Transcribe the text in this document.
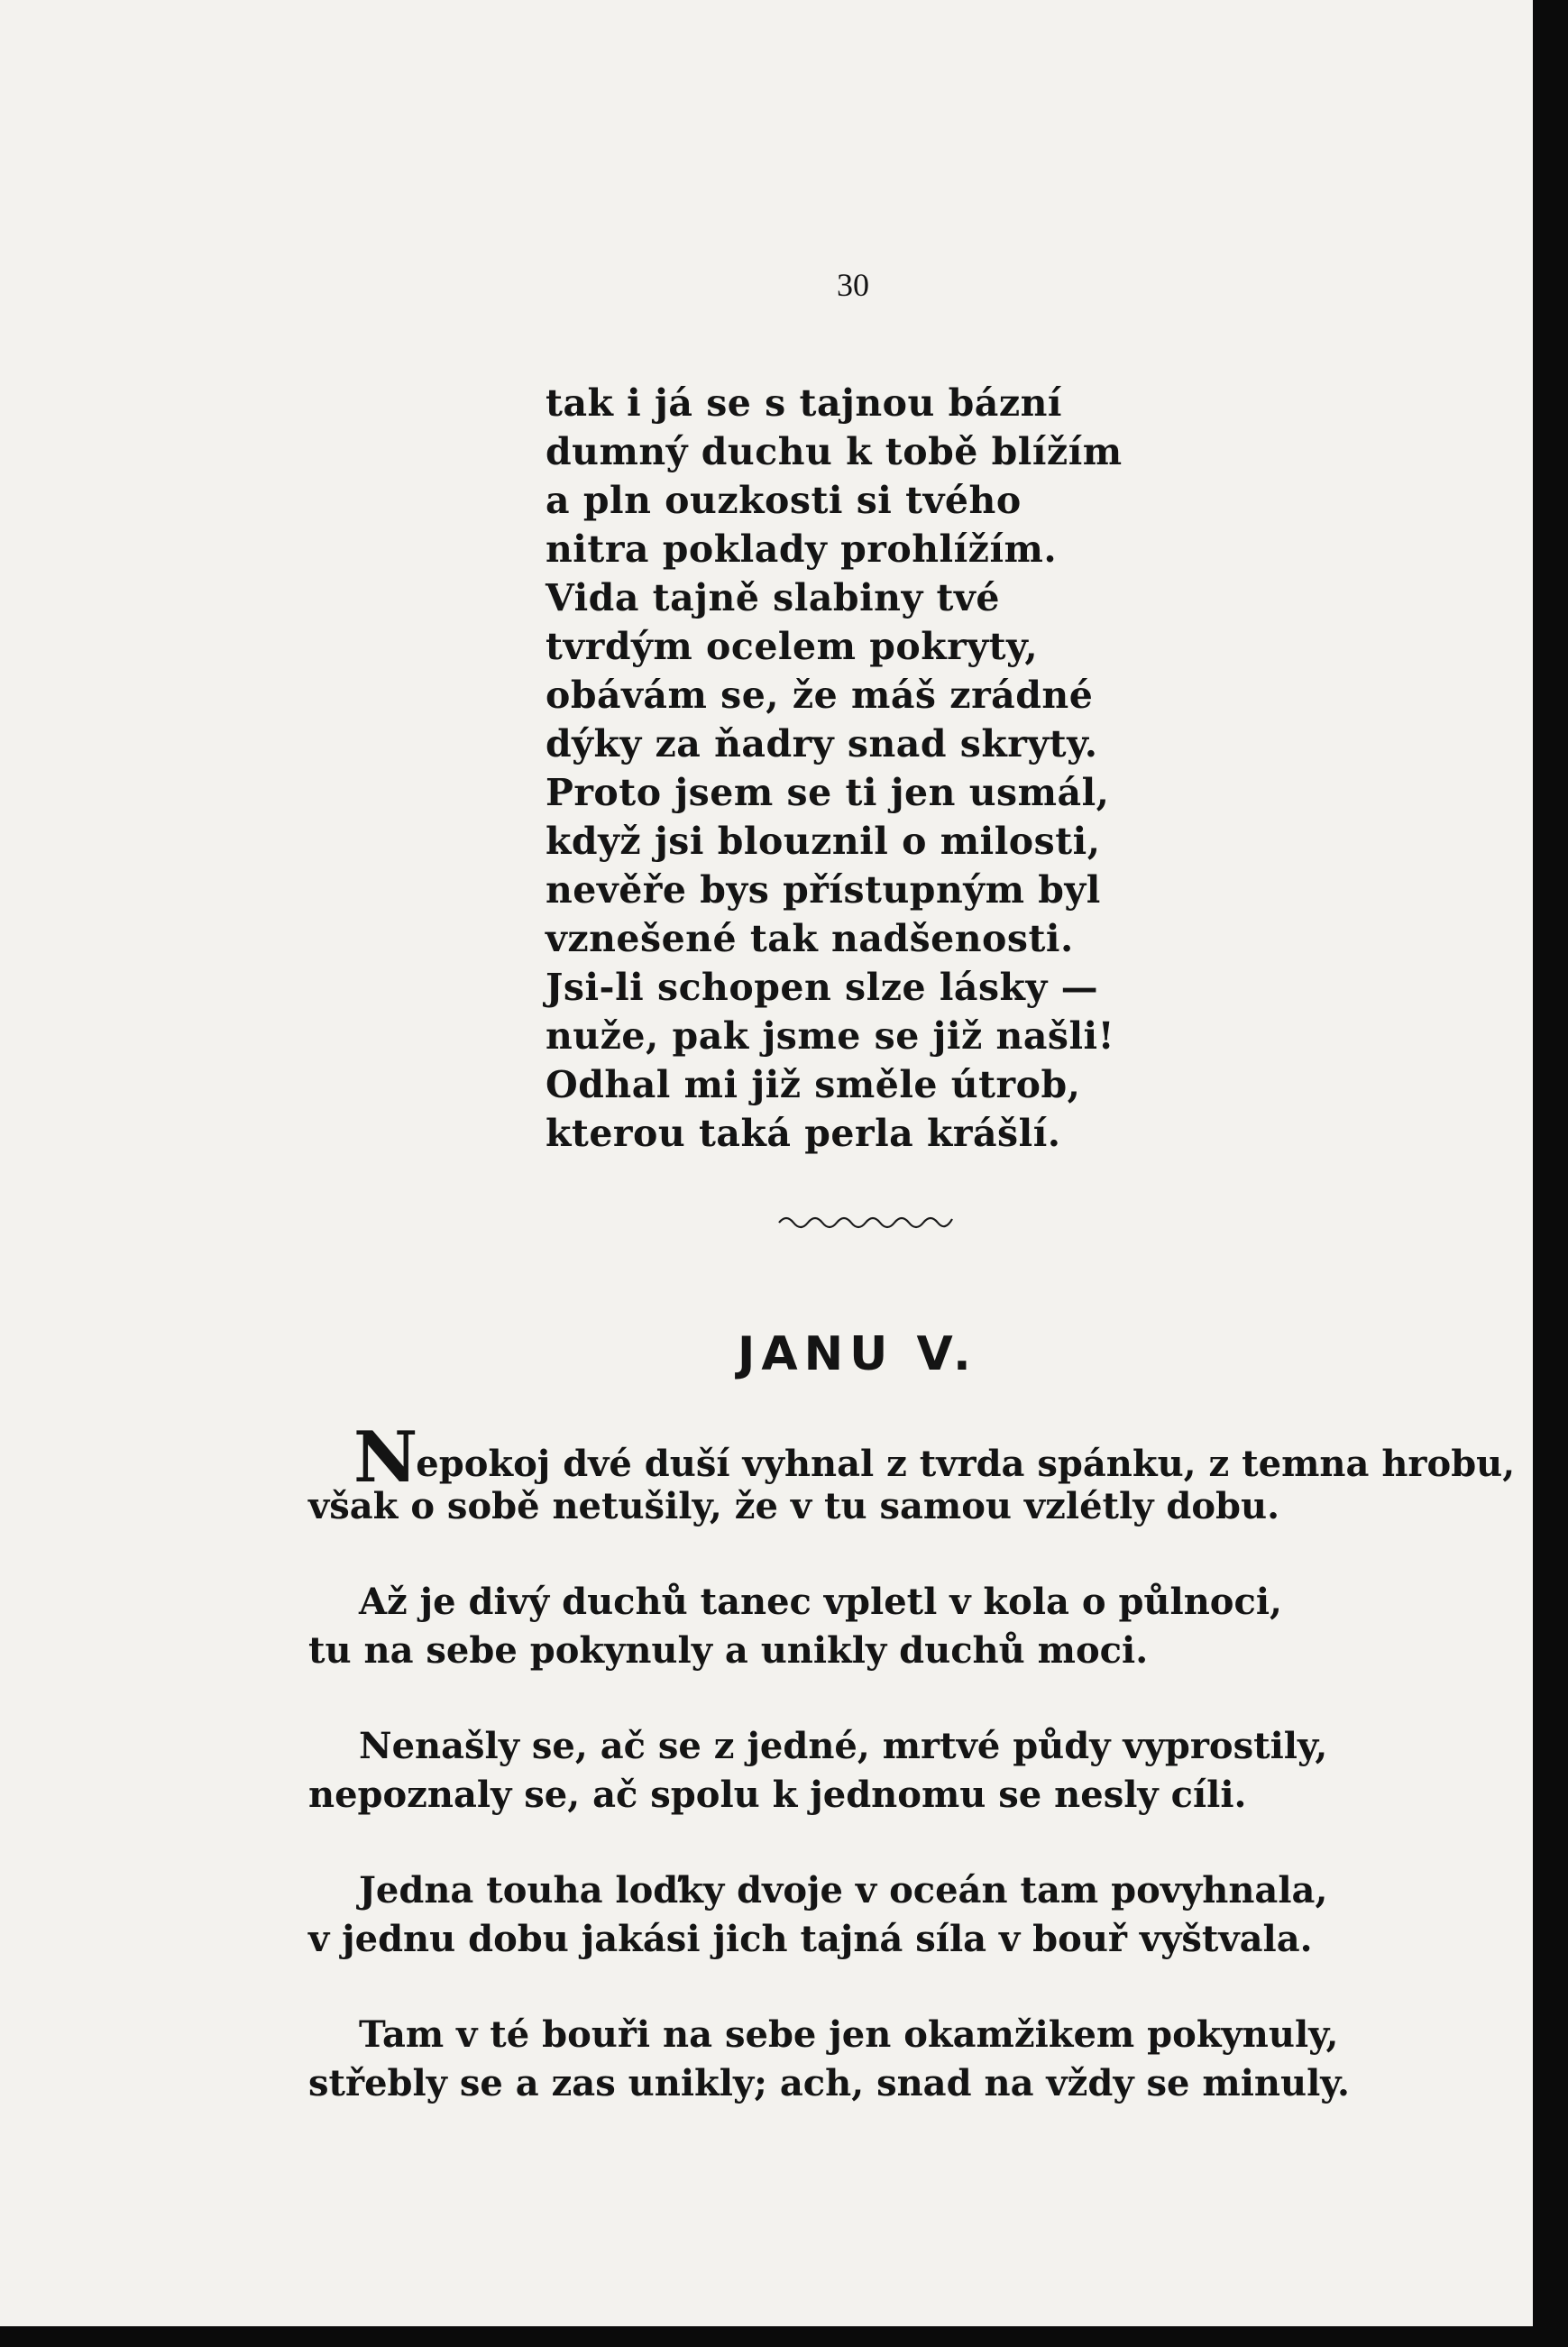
30
tak i já se s tajnou bázní
dumný duchu k tobě blížím
a pln ouzkosti si tvého
nitra poklady prohlížím.
Vida tajně slabiny tvé
tvrdým ocelem pokryty,
obávám se, že máš zrádné
dýky za ňadry snad skryty.
Proto jsem se ti jen usmál,
když jsi blouznil o milosti,
nevěře bys přístupným byl
vznešené tak nadšenosti.
Jsi-li schopen slze lásky —
nuže, pak jsme se již našli!
Odhal mi již směle útrob,
kterou taká perla krášlí.
JANU V.
Nepokoj dvé duší vyhnal z tvrda spánku, z temna hrobu,
však o sobě netušily, že v tu samou vzlétly dobu.
Až je divý duchů tanec vpletl v kola o půlnoci,
tu na sebe pokynuly a unikly duchů moci.
Nenašly se, ač se z jedné, mrtvé půdy vyprostily,
nepoznaly se, ač spolu k jednomu se nesly cíli.
Jedna touha loďky dvoje v oceán tam povyhnala,
v jednu dobu jakási jich tajná síla v bouř vyštvala.
Tam v té bouři na sebe jen okamžikem pokynuly,
střebly se a zas unikly; ach, snad na vždy se minuly.
